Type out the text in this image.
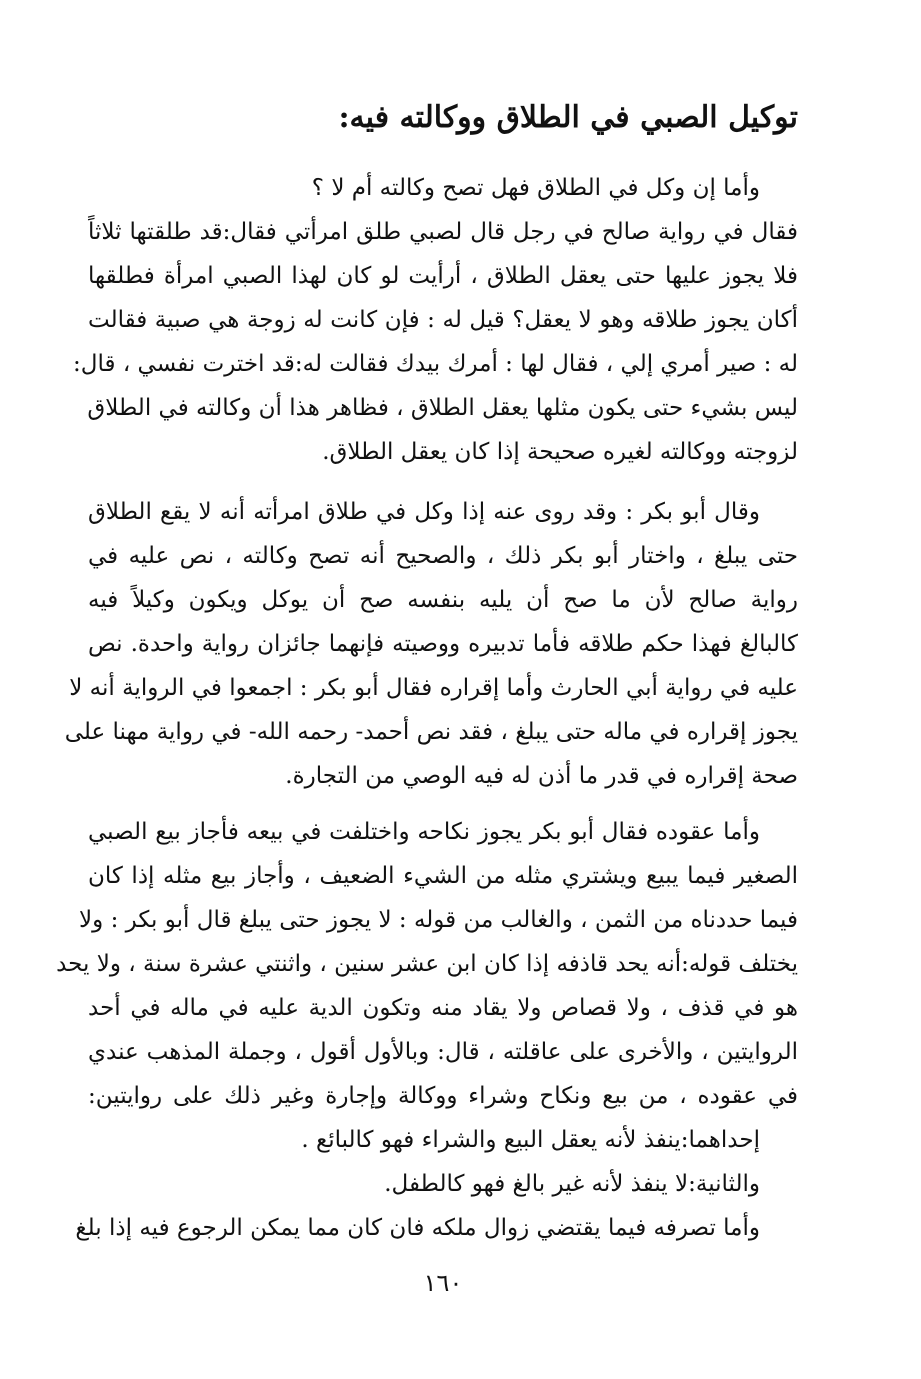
توكيل الصبي في الطلاق ووكالته فيه:
وأما إن وكل في الطلاق فهل تصح وكالته أم لا ؟
فقال في رواية صالح في رجل قال لصبي طلق امرأتي فقال:قد طلقتها ثلاثاً
فلا يجوز عليها حتى يعقل الطلاق ، أرأيت لو كان لهذا الصبي امرأة فطلقها
أكان يجوز طلاقه وهو لا يعقل؟ قيل له : فإن كانت له زوجة هي صبية فقالت
له : صير أمري إلي ، فقال لها : أمرك بيدك فقالت له:قد اخترت نفسي ، قال:
ليس بشيء حتى يكون مثلها يعقل الطلاق ، فظاهر هذا أن وكالته في الطلاق
لزوجته ووكالته لغيره صحيحة إذا كان يعقل الطلاق.
وقال أبو بكر : وقد روى عنه إذا وكل في طلاق امرأته أنه لا يقع الطلاق
حتى يبلغ ، واختار أبو بكر ذلك ، والصحيح أنه تصح وكالته ، نص عليه في
رواية صالح لأن ما صح أن يليه بنفسه صح أن يوكل ويكون وكيلاً فيه
كالبالغ فهذا حكم طلاقه فأما تدبيره ووصيته فإنهما جائزان رواية واحدة. نص
عليه في رواية أبي الحارث وأما إقراره فقال أبو بكر : اجمعوا في الرواية أنه لا
يجوز إقراره في ماله حتى يبلغ ، فقد نص أحمد- رحمه الله- في رواية مهنا على
صحة إقراره في قدر ما أذن له فيه الوصي من التجارة.
وأما عقوده فقال أبو بكر يجوز نكاحه واختلفت في بيعه فأجاز بيع الصبي
الصغير فيما يبيع ويشتري مثله من الشيء الضعيف ، وأجاز بيع مثله إذا كان
فيما حددناه من الثمن ، والغالب من قوله : لا يجوز حتى يبلغ قال أبو بكر : ولا
يختلف قوله:أنه يحد قاذفه إذا كان ابن عشر سنين ، واثنتي عشرة سنة ، ولا يحد
هو في قذف ، ولا قصاص ولا يقاد منه وتكون الدية عليه في ماله في أحد
الروايتين ، والأخرى على عاقلته ، قال: وبالأول أقول ، وجملة المذهب عندي
في عقوده ، من بيع ونكاح وشراء ووكالة وإجارة وغير ذلك على روايتين:
إحداهما:ينفذ لأنه يعقل البيع والشراء فهو كالبائع .
والثانية:لا ينفذ لأنه غير بالغ فهو كالطفل.
وأما تصرفه فيما يقتضي زوال ملكه فان كان مما يمكن الرجوع فيه إذا بلغ
١٦٠
